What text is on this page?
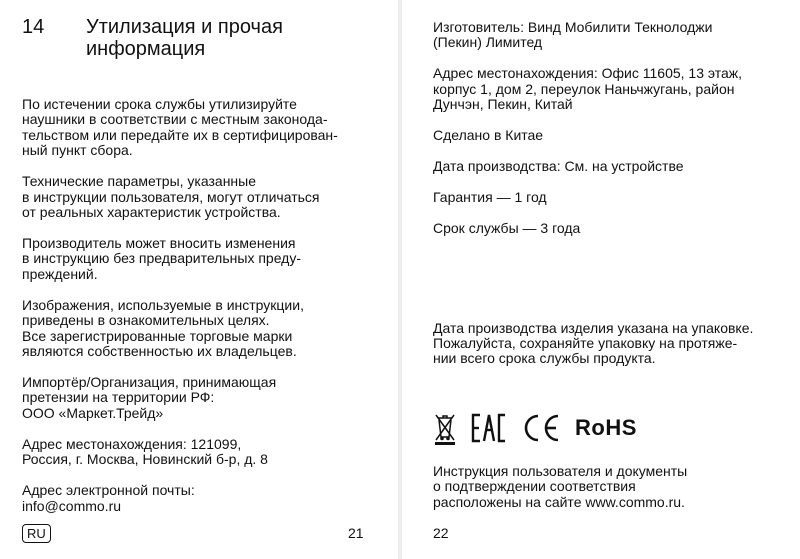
14 Утилизация и прочая информация

По истечении срока службы утилизируйте
наушники в соответствии с местным законода-
тельством или передайте их в сертифицирован-
ный пункт сбора.

Технические параметры, указанные
в инструкции пользователя, могут отличаться
от реальных характеристик устройства.

Производитель может вносить изменения
в инструкцию без предварительных преду-
преждений.

Изображения, используемые в инструкции,
приведены в ознакомительных целях.
Все зарегистрированные торговые марки
являются собственностью их владельцев.

Импортёр/Организация, принимающая
претензии на территории РФ:
ООО «Маркет.Трейд»

Адрес местонахождения: 121099,
Россия, г. Москва, Новинский б-р, д. 8

Адрес электронной почты:
info@commo.ru

RU	21

Изготовитель: Винд Мобилити Текнолоджи
(Пекин) Лимитед

Адрес местонахождения: Офис 11605, 13 этаж,
корпус 1, дом 2, переулок Наньчжугань, район
Дунчэн, Пекин, Китай

Сделано в Китае

Дата производства: См. на устройстве

Гарантия — 1 год

Срок службы — 3 года

Дата производства изделия указана на упаковке.
Пожалуйста, сохраняйте упаковку на протяже-
нии всего срока службы продукта.

RoHS

Инструкция пользователя и документы
о подтверждении соответствия
расположены на сайте www.commo.ru.

22
